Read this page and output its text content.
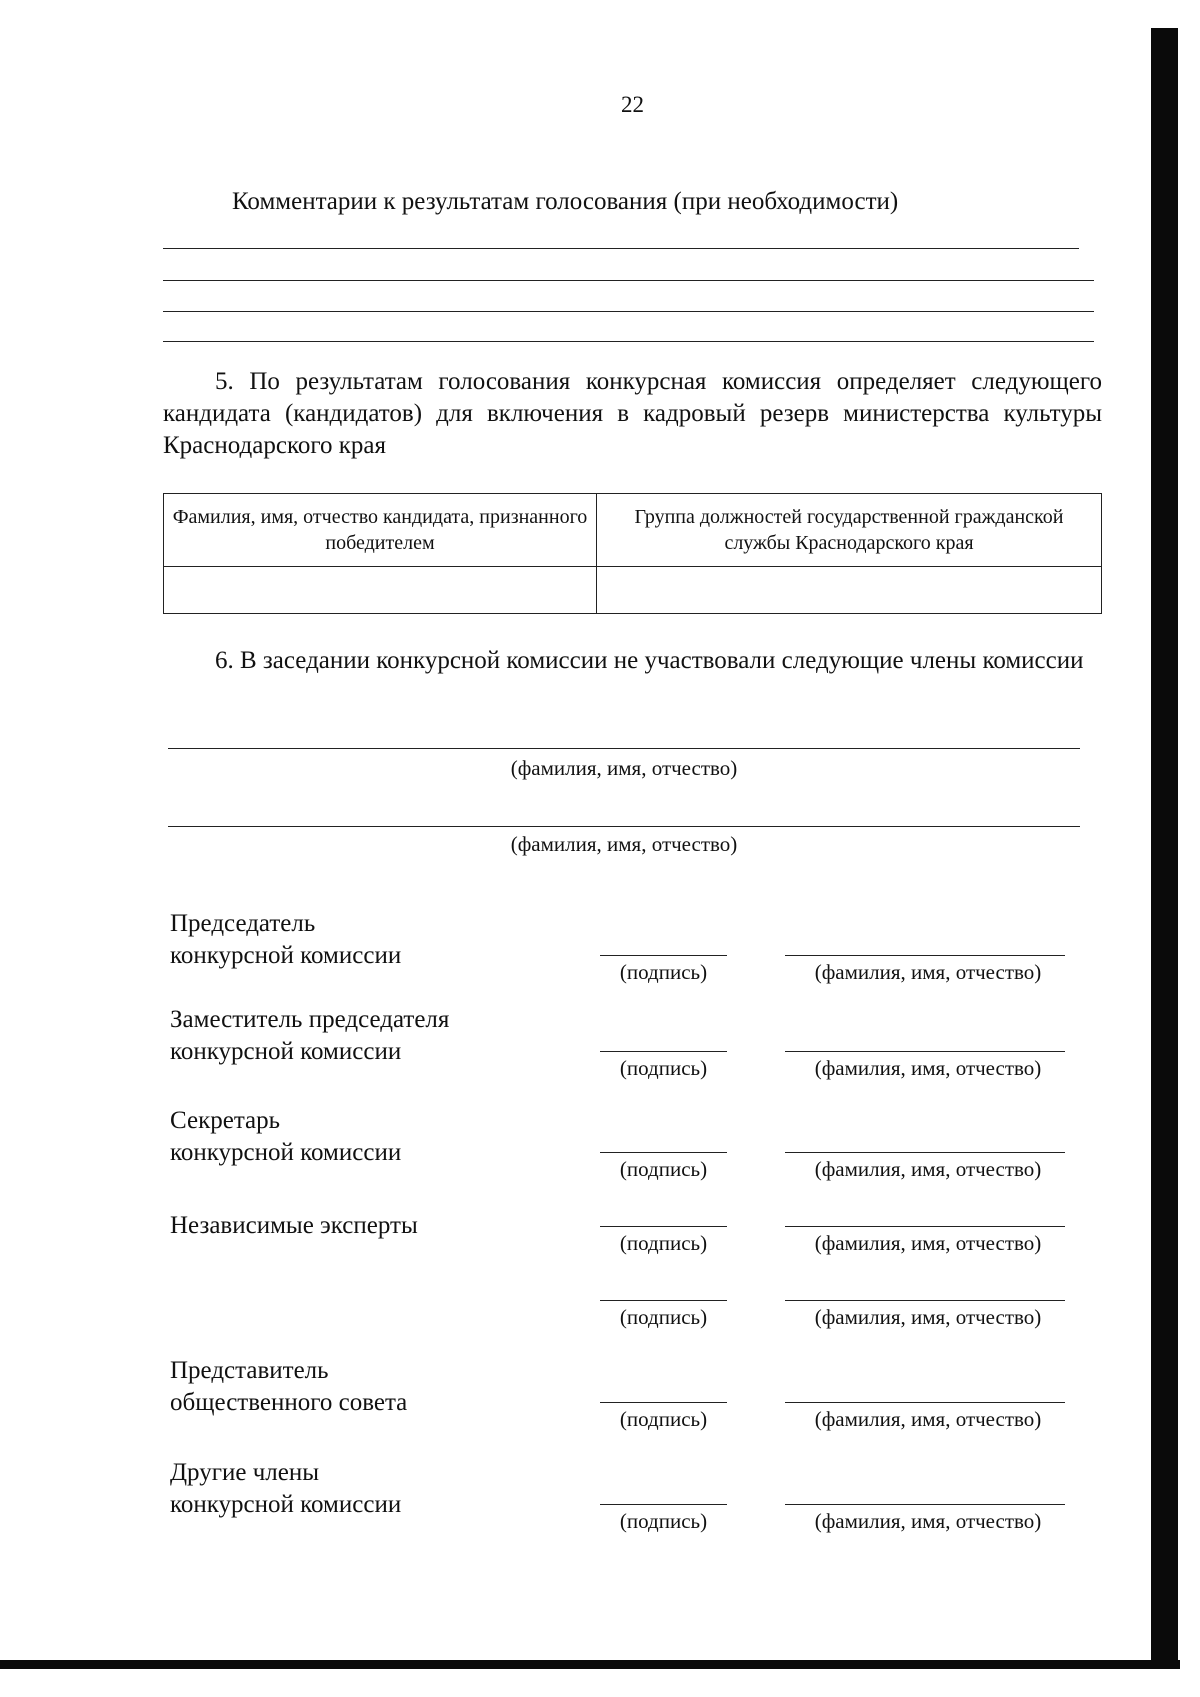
22
Комментарии к результатам голосования (при необходимости)
5. По результатам голосования конкурсная комиссия определяет следующего кандидата (кандидатов) для включения в кадровый резерв министерства культуры Краснодарского края
Фамилия, имя, отчество кандидата, признанного победителем	Группа должностей государственной гражданской службы Краснодарского края

6. В заседании конкурсной комиссии не участвовали следующие члены комиссии
(фамилия, имя, отчество)
(фамилия, имя, отчество)
Председатель
конкурсной комиссии
(подпись)	(фамилия, имя, отчество)
Заместитель председателя
конкурсной комиссии
(подпись)	(фамилия, имя, отчество)
Секретарь
конкурсной комиссии
(подпись)	(фамилия, имя, отчество)
Независимые эксперты
(подпись)	(фамилия, имя, отчество)
(подпись)	(фамилия, имя, отчество)
Представитель
общественного совета
(подпись)	(фамилия, имя, отчество)
Другие члены
конкурсной комиссии
(подпись)	(фамилия, имя, отчество)
